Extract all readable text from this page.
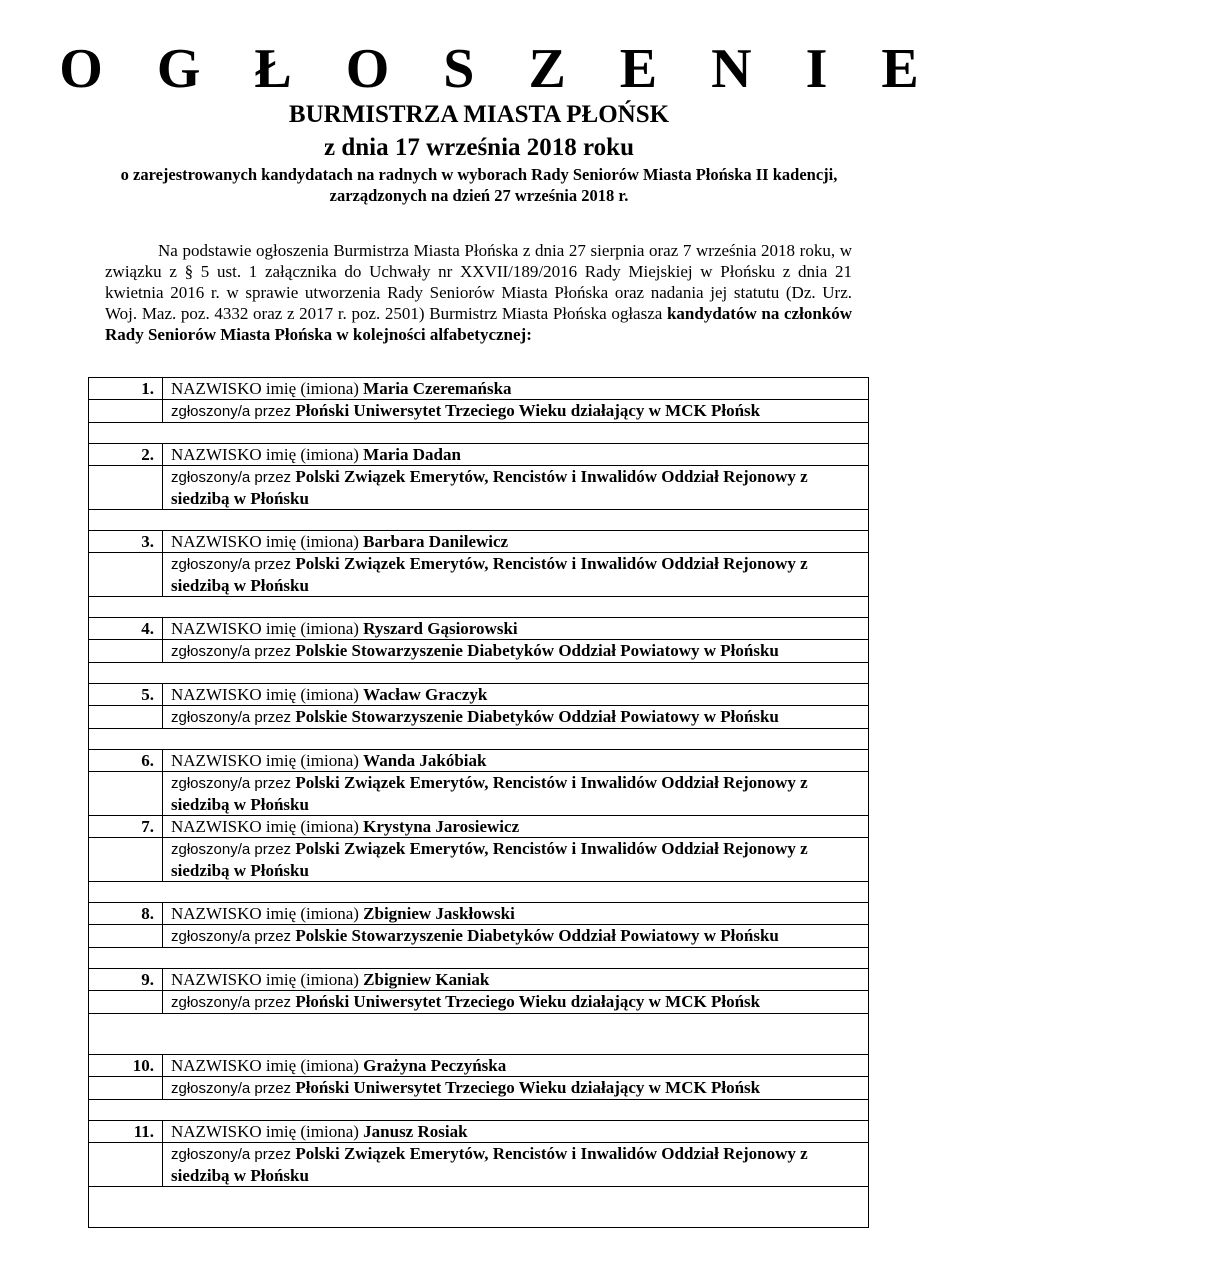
O G Ł O S Z E N I E
BURMISTRZA MIASTA PŁOŃSK
z dnia 17 września 2018 roku
o zarejestrowanych kandydatach na radnych w wyborach Rady Seniorów Miasta Płońska II kadencji, zarządzonych na dzień 27 września 2018 r.
Na podstawie ogłoszenia Burmistrza Miasta Płońska z dnia 27 sierpnia oraz 7 września 2018 roku, w związku z § 5 ust. 1 załącznika do Uchwały nr XXVII/189/2016 Rady Miejskiej w Płońsku z dnia 21 kwietnia 2016 r. w sprawie utworzenia Rady Seniorów Miasta Płońska oraz nadania jej statutu (Dz. Urz. Woj. Maz. poz. 4332 oraz z 2017 r. poz. 2501) Burmistrz Miasta Płońska ogłasza kandydatów na członków Rady Seniorów Miasta Płońska w kolejności alfabetycznej:
1.	NAZWISKO imię (imiona) Maria Czeremańska
	zgłoszony/a przez Płoński Uniwersytet Trzeciego Wieku działający w MCK Płońsk

2.	NAZWISKO imię (imiona) Maria Dadan
	zgłoszony/a przez Polski Związek Emerytów, Rencistów i Inwalidów Oddział Rejonowy z siedzibą w Płońsku

3.	NAZWISKO imię (imiona) Barbara Danilewicz
	zgłoszony/a przez Polski Związek Emerytów, Rencistów i Inwalidów Oddział Rejonowy z siedzibą w Płońsku

4.	NAZWISKO imię (imiona) Ryszard Gąsiorowski
	zgłoszony/a przez Polskie Stowarzyszenie Diabetyków Oddział Powiatowy w Płońsku

5.	NAZWISKO imię (imiona) Wacław Graczyk
	zgłoszony/a przez Polskie Stowarzyszenie Diabetyków Oddział Powiatowy w Płońsku

6.	NAZWISKO imię (imiona) Wanda Jakóbiak
	zgłoszony/a przez Polski Związek Emerytów, Rencistów i Inwalidów Oddział Rejonowy z siedzibą w Płońsku
7.	NAZWISKO imię (imiona) Krystyna Jarosiewicz
	zgłoszony/a przez Polski Związek Emerytów, Rencistów i Inwalidów Oddział Rejonowy z siedzibą w Płońsku

8.	NAZWISKO imię (imiona) Zbigniew Jaskłowski
	zgłoszony/a przez Polskie Stowarzyszenie Diabetyków Oddział Powiatowy w Płońsku

9.	NAZWISKO imię (imiona) Zbigniew Kaniak
	zgłoszony/a przez Płoński Uniwersytet Trzeciego Wieku działający w MCK Płońsk

10.	NAZWISKO imię (imiona) Grażyna Peczyńska
	zgłoszony/a przez Płoński Uniwersytet Trzeciego Wieku działający w MCK Płońsk

11.	NAZWISKO imię (imiona) Janusz Rosiak
	zgłoszony/a przez Polski Związek Emerytów, Rencistów i Inwalidów Oddział Rejonowy z siedzibą w Płońsku
